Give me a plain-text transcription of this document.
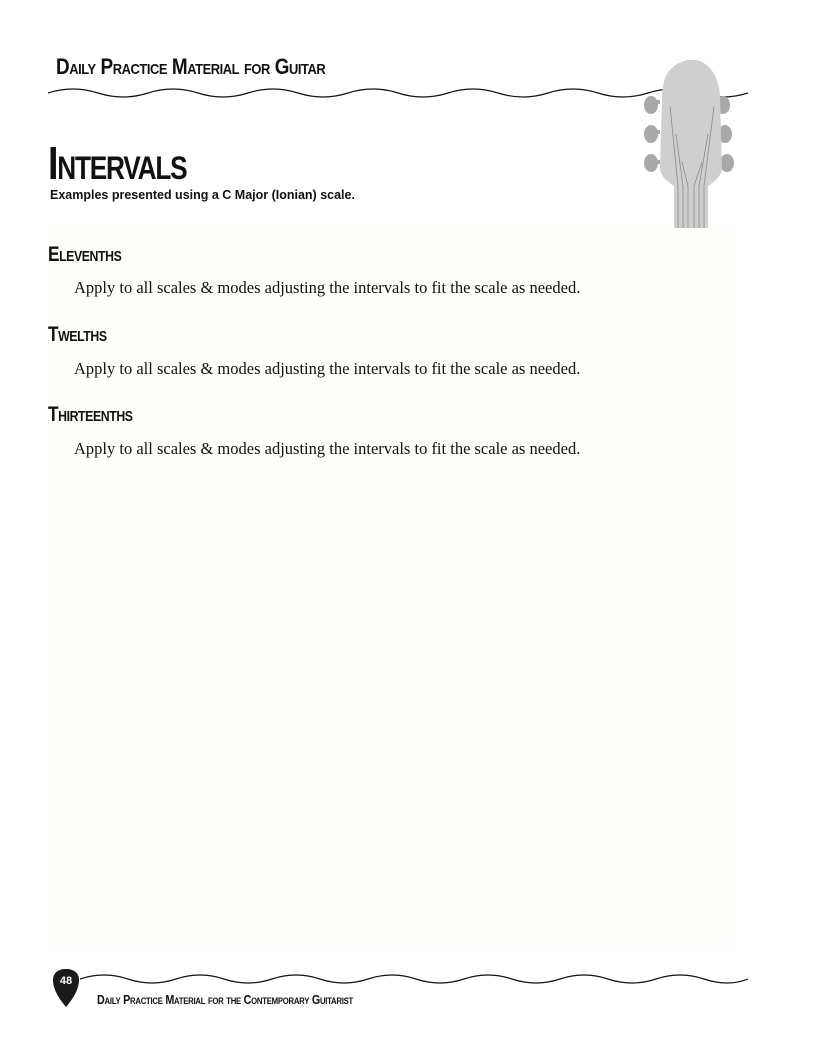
Daily Practice Material for Guitar
Intervals

Examples presented using a C Major (Ionian) scale.

Elevenths

Apply to all scales & modes adjusting the intervals to fit the scale as needed.

Twelths

Apply to all scales & modes adjusting the intervals to fit the scale as needed.

Thirteenths

Apply to all scales & modes adjusting the intervals to fit the scale as needed.

48

Daily Practice Material for the Contemporary Guitarist
